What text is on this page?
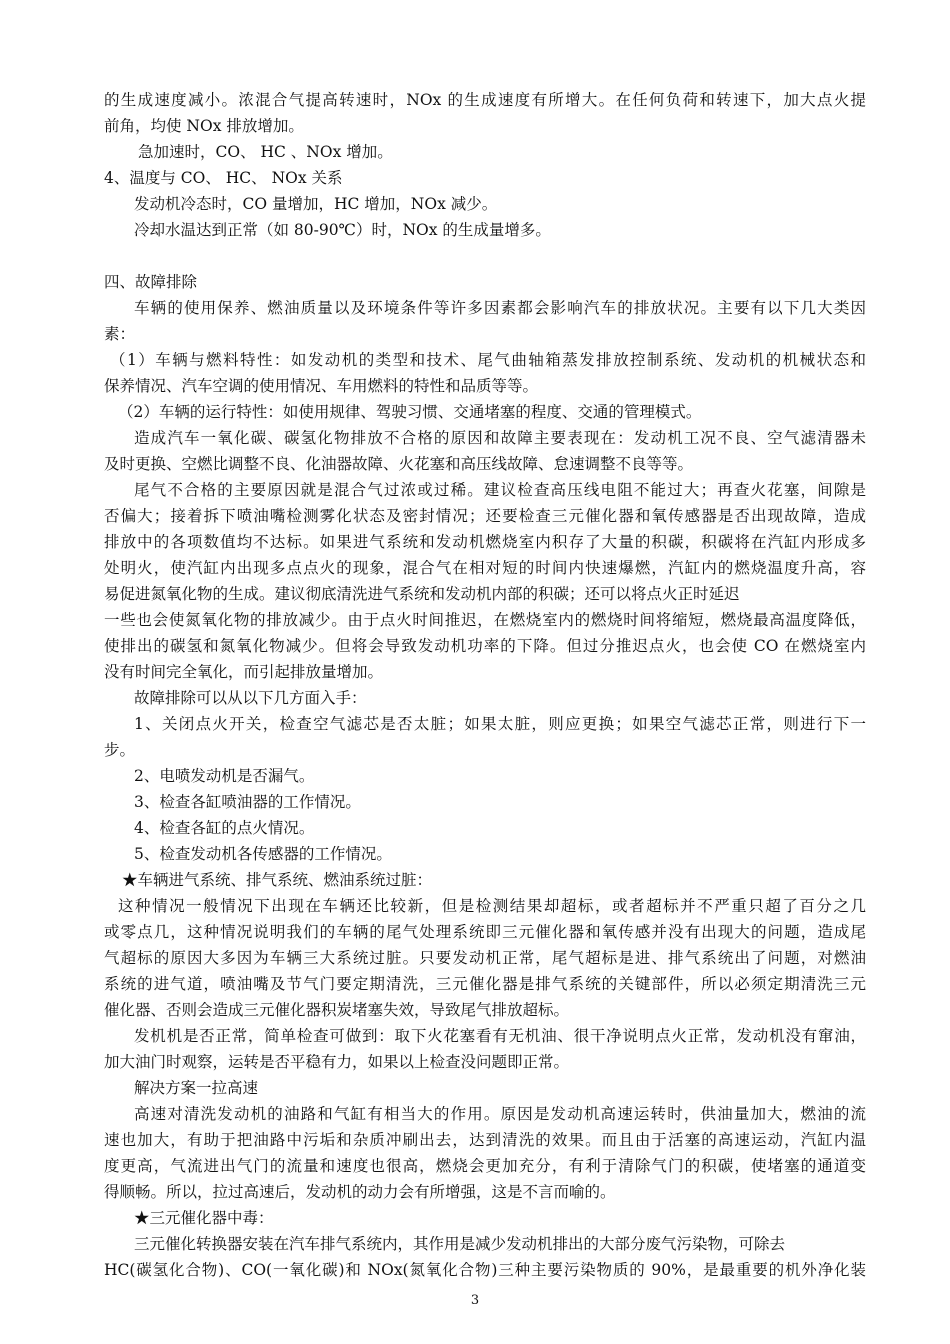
的生成速度减小。浓混合气提高转速时，NOx 的生成速度有所增大。在任何负荷和转速下，加大点火提
前角，均使 NOx 排放增加。
急加速时，CO、 HC 、NOx 增加。
4、温度与 CO、 HC、 NOx 关系
发动机冷态时，CO 量增加，HC 增加，NOx 减少。
冷却水温达到正常（如 80-90℃）时，NOx 的生成量增多。
四、故障排除
车辆的使用保养、燃油质量以及环境条件等许多因素都会影响汽车的排放状况。主要有以下几大类因
素：
（1）车辆与燃料特性：如发动机的类型和技术、尾气曲轴箱蒸发排放控制系统、发动机的机械状态和
保养情况、汽车空调的使用情况、车用燃料的特性和品质等等。
（2）车辆的运行特性：如使用规律、驾驶习惯、交通堵塞的程度、交通的管理模式。
造成汽车一氧化碳、碳氢化物排放不合格的原因和故障主要表现在：发动机工况不良、空气滤清器未
及时更换、空燃比调整不良、化油器故障、火花塞和高压线故障、怠速调整不良等等。
尾气不合格的主要原因就是混合气过浓或过稀。建议检查高压线电阻不能过大；再查火花塞，间隙是
否偏大；接着拆下喷油嘴检测雾化状态及密封情况；还要检查三元催化器和氧传感器是否出现故障，造成
排放中的各项数值均不达标。如果进气系统和发动机燃烧室内积存了大量的积碳，积碳将在汽缸内形成多
处明火，使汽缸内出现多点点火的现象，混合气在相对短的时间内快速爆燃，汽缸内的燃烧温度升高，容
易促进氮氧化物的生成。建议彻底清洗进气系统和发动机内部的积碳；还可以将点火正时延迟
一些也会使氮氧化物的排放减少。由于点火时间推迟，在燃烧室内的燃烧时间将缩短，燃烧最高温度降低，
使排出的碳氢和氮氧化物减少。但将会导致发动机功率的下降。但过分推迟点火，也会使 CO 在燃烧室内
没有时间完全氧化，而引起排放量增加。
故障排除可以从以下几方面入手：
1、关闭点火开关，检查空气滤芯是否太脏；如果太脏，则应更换；如果空气滤芯正常，则进行下一
步。
2、电喷发动机是否漏气。
3、检查各缸喷油器的工作情况。
4、检查各缸的点火情况。
5、检查发动机各传感器的工作情况。
★车辆进气系统、排气系统、燃油系统过脏：
这种情况一般情况下出现在车辆还比较新，但是检测结果却超标，或者超标并不严重只超了百分之几
或零点几，这种情况说明我们的车辆的尾气处理系统即三元催化器和氧传感并没有出现大的问题，造成尾
气超标的原因大多因为车辆三大系统过脏。只要发动机正常，尾气超标是进、排气系统出了问题，对燃油
系统的进气道，喷油嘴及节气门要定期清洗，三元催化器是排气系统的关键部件，所以必须定期清洗三元
催化器、否则会造成三元催化器积炭堵塞失效，导致尾气排放超标。
发机机是否正常，简单检查可做到：取下火花塞看有无机油、很干净说明点火正常，发动机没有窜油，
加大油门时观察，运转是否平稳有力，如果以上检查没问题即正常。
解决方案一拉高速
高速对清洗发动机的油路和气缸有相当大的作用。原因是发动机高速运转时，供油量加大，燃油的流
速也加大，有助于把油路中污垢和杂质冲刷出去，达到清洗的效果。而且由于活塞的高速运动，汽缸内温
度更高，气流进出气门的流量和速度也很高，燃烧会更加充分，有利于清除气门的积碳，使堵塞的通道变
得顺畅。所以，拉过高速后，发动机的动力会有所增强，这是不言而喻的。
★三元催化器中毒：
三元催化转换器安装在汽车排气系统内，其作用是减少发动机排出的大部分废气污染物，可除去
HC(碳氢化合物)、CO(一氧化碳)和 NOx(氮氧化合物)三种主要污染物质的 90%，是最重要的机外净化装
3
